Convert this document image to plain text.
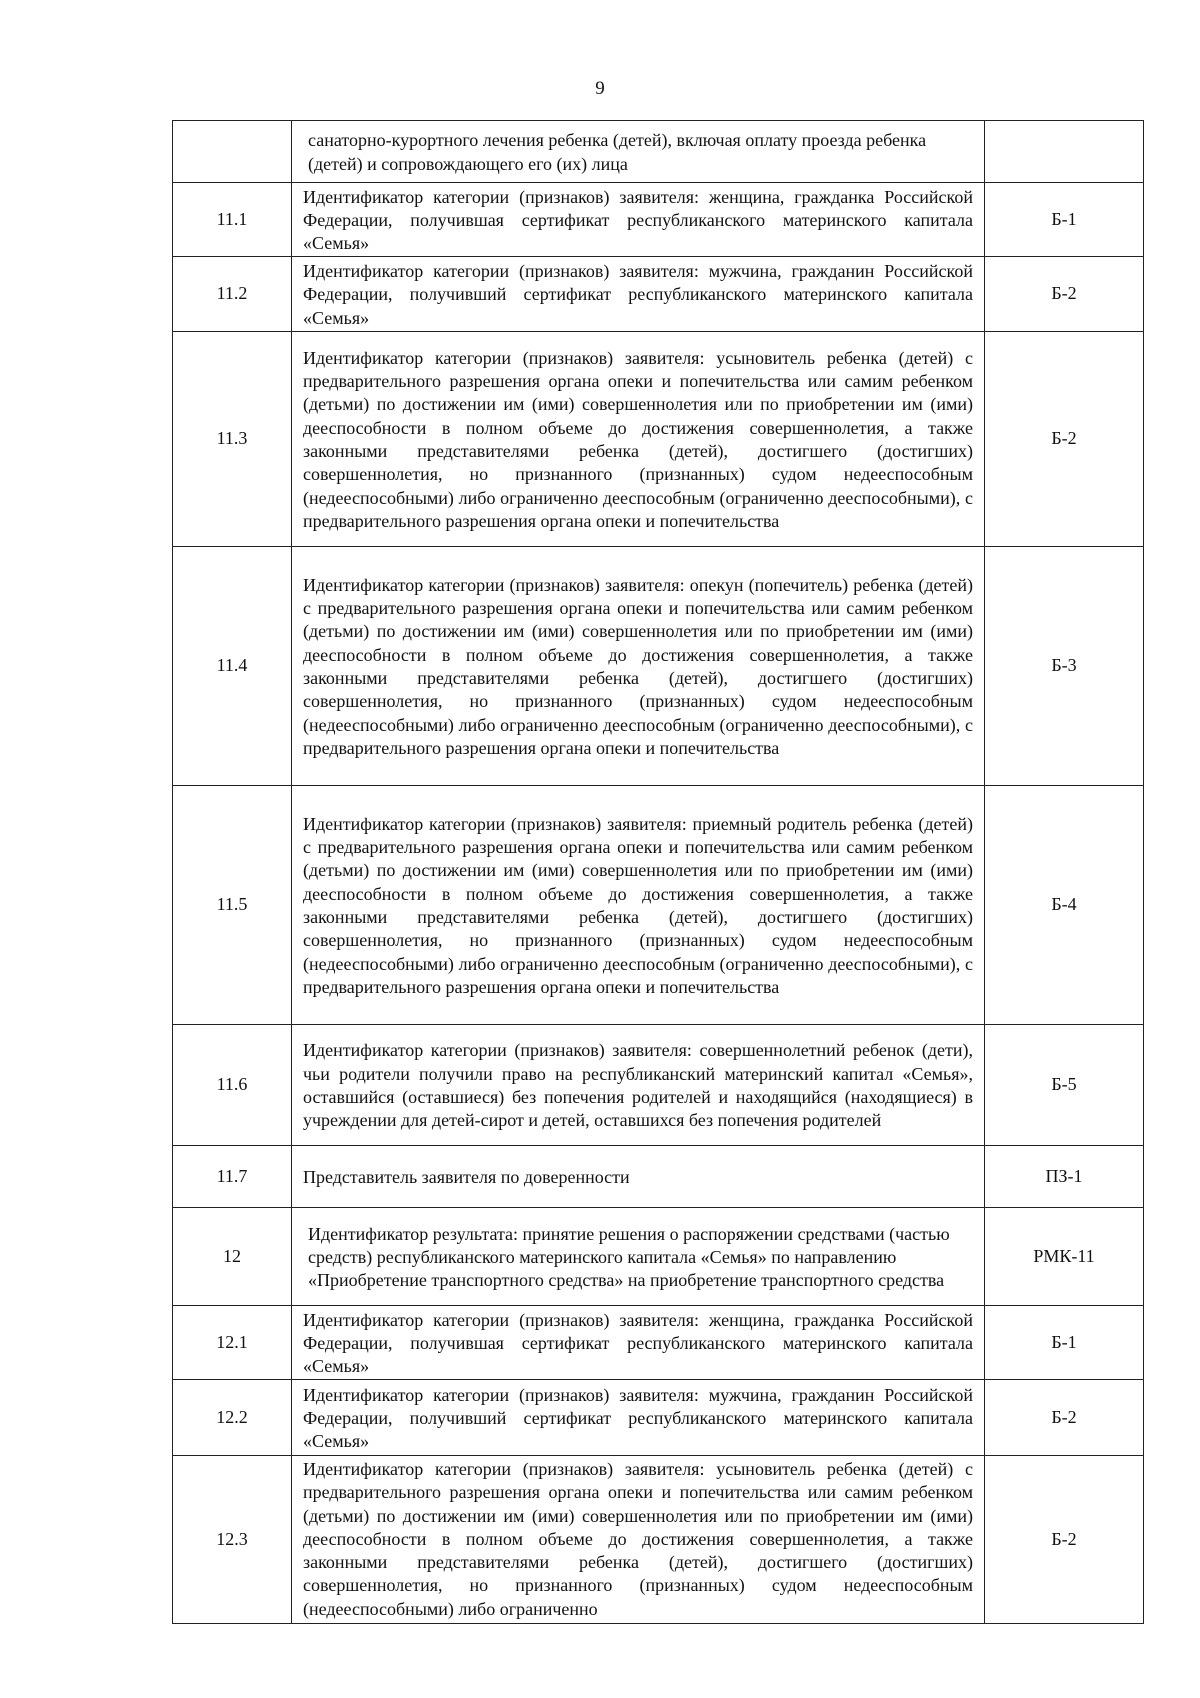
9
	санаторно-курортного лечения ребенка (детей), включая оплату проезда ребенка (детей) и сопровождающего его (их) лица	
11.1	Идентификатор категории (признаков) заявителя: женщина, гражданка Российской Федерации, получившая сертификат республиканского материнского капитала «Семья»	Б-1
11.2	Идентификатор категории (признаков) заявителя: мужчина, гражданин Российской Федерации, получивший сертификат республиканского материнского капитала «Семья»	Б-2
11.3	Идентификатор категории (признаков) заявителя: усыновитель ребенка (детей) с предварительного разрешения органа опеки и попечительства или самим ребенком (детьми) по достижении им (ими) совершеннолетия или по приобретении им (ими) дееспособности в полном объеме до достижения совершеннолетия, а также законными представителями ребенка (детей), достигшего (достигших) совершеннолетия, но признанного (признанных) судом недееспособным (недееспособными) либо ограниченно дееспособным (ограниченно дееспособными), с предварительного разрешения органа опеки и попечительства	Б-2
11.4	Идентификатор категории (признаков) заявителя: опекун (попечитель) ребенка (детей) с предварительного разрешения органа опеки и попечительства или самим ребенком (детьми) по достижении им (ими) совершеннолетия или по приобретении им (ими) дееспособности в полном объеме до достижения совершеннолетия, а также законными представителями ребенка (детей), достигшего (достигших) совершеннолетия, но признанного (признанных) судом недееспособным (недееспособными) либо ограниченно дееспособным (ограниченно дееспособными), с предварительного разрешения органа опеки и попечительства	Б-3
11.5	Идентификатор категории (признаков) заявителя: приемный родитель ребенка (детей) с предварительного разрешения органа опеки и попечительства или самим ребенком (детьми) по достижении им (ими) совершеннолетия или по приобретении им (ими) дееспособности в полном объеме до достижения совершеннолетия, а также законными представителями ребенка (детей), достигшего (достигших) совершеннолетия, но признанного (признанных) судом недееспособным (недееспособными) либо ограниченно дееспособным (ограниченно дееспособными), с предварительного разрешения органа опеки и попечительства	Б-4
11.6	Идентификатор категории (признаков) заявителя: совершеннолетний ребенок (дети), чьи родители получили право на республиканский материнский капитал «Семья», оставшийся (оставшиеся) без попечения родителей и находящийся (находящиеся) в учреждении для детей-сирот и детей, оставшихся без попечения родителей	Б-5
11.7	Представитель заявителя по доверенности	ПЗ-1
12	Идентификатор результата: принятие решения о распоряжении средствами (частью средств) республиканского материнского капитала «Семья» по направлению «Приобретение транспортного средства» на приобретение транспортного средства	РМК-11
12.1	Идентификатор категории (признаков) заявителя: женщина, гражданка Российской Федерации, получившая сертификат республиканского материнского капитала «Семья»	Б-1
12.2	Идентификатор категории (признаков) заявителя: мужчина, гражданин Российской Федерации, получивший сертификат республиканского материнского капитала «Семья»	Б-2
12.3	Идентификатор категории (признаков) заявителя: усыновитель ребенка (детей) с предварительного разрешения органа опеки и попечительства или самим ребенком (детьми) по достижении им (ими) совершеннолетия или по приобретении им (ими) дееспособности в полном объеме до достижения совершеннолетия, а также законными представителями ребенка (детей), достигшего (достигших) совершеннолетия, но признанного (признанных) судом недееспособным (недееспособными) либо ограниченно	Б-2
